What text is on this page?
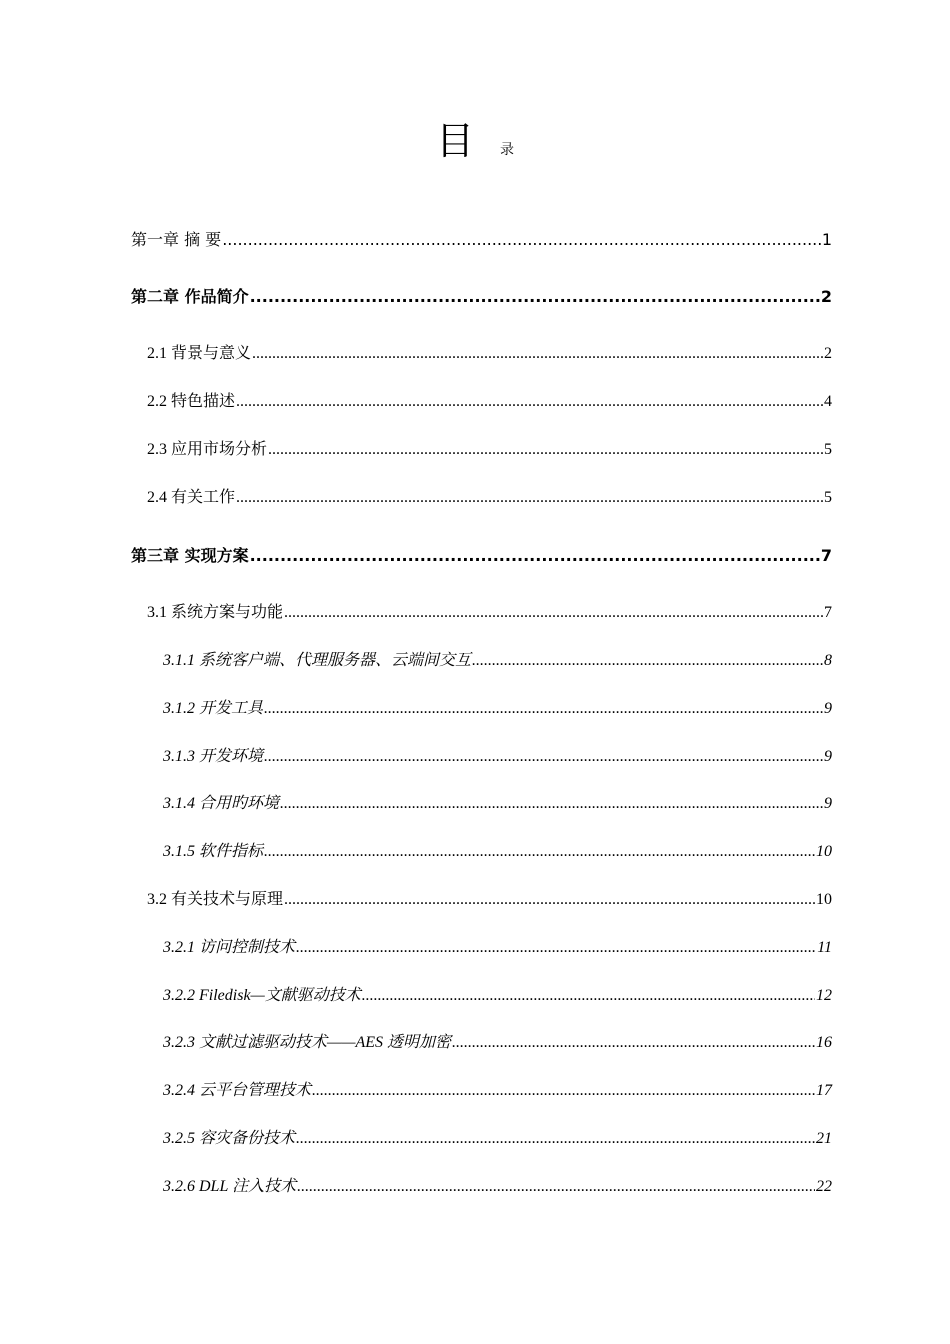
目 录
第一章 摘 要 .....	1
第二章 作品简介 .....	2
2.1 背景与意义 .....	2
2.2 特色描述 .....	4
2.3 应用市场分析 .....	5
2.4 有关工作 .....	5
第三章 实现方案 .....	7
3.1 系统方案与功能 .....	7
3.1.1 系统客户端、代理服务器、云端间交互 .....	8
3.1.2 开发工具 .....	9
3.1.3 开发环境 .....	9
3.1.4 合用旳环境 .....	9
3.1.5 软件指标 .....	10
3.2 有关技术与原理 .....	10
3.2.1 访问控制技术 .....	11
3.2.2 Filedisk—文献驱动技术 .....	12
3.2.3 文献过滤驱动技术——AES 透明加密 .....	16
3.2.4 云平台管理技术 .....	17
3.2.5 容灾备份技术 .....	21
3.2.6 DLL 注入技术 .....	22
